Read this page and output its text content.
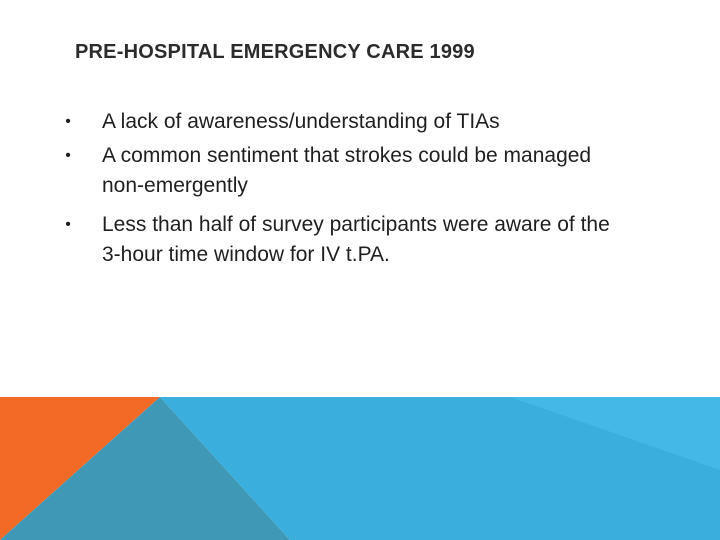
PRE-HOSPITAL EMERGENCY CARE 1999
•	A lack of awareness/understanding of TIAs
•	A common sentiment that strokes could be managed non-emergently
•	Less than half of survey participants were aware of the 3-hour time window for IV t.PA.
